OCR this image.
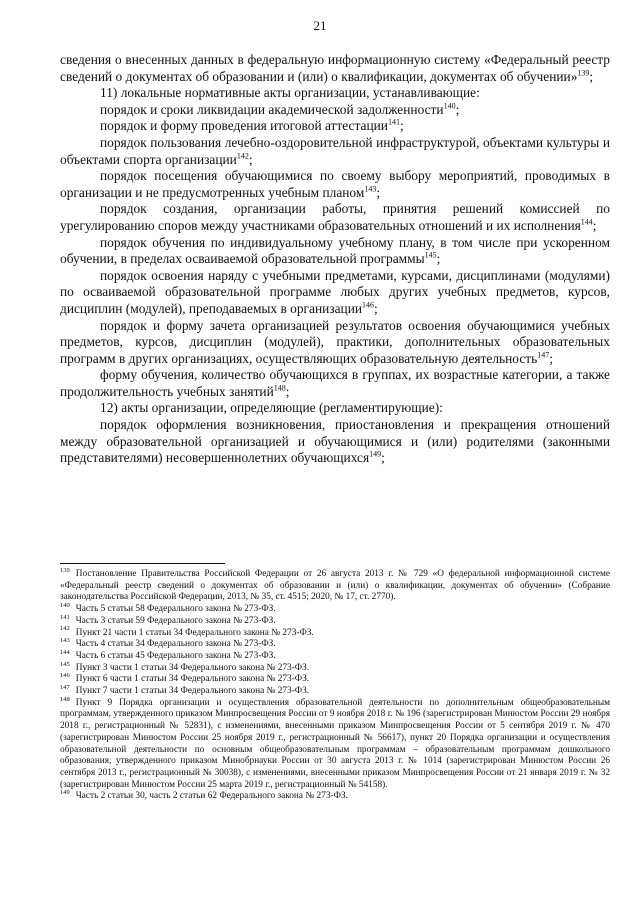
21

сведения о внесенных данных в федеральную информационную систему «Федеральный реестр сведений о документах об образовании и (или) о квалификации, документах об обучении»$^{139}$;

11) локальные нормативные акты организации, устанавливающие:

порядок и сроки ликвидации академической задолженности$^{140}$;

порядок и форму проведения итоговой аттестации$^{141}$;

порядок пользования лечебно-оздоровительной инфраструктурой, объектами культуры и объектами спорта организации$^{142}$;

порядок посещения обучающимися по своему выбору мероприятий, проводимых в организации и не предусмотренных учебным планом$^{143}$;

порядок создания, организации работы, принятия решений комиссией по урегулированию споров между участниками образовательных отношений и их исполнения$^{144}$;

порядок обучения по индивидуальному учебному плану, в том числе при ускоренном обучении, в пределах осваиваемой образовательной программы$^{145}$;

порядок освоения наряду с учебными предметами, курсами, дисциплинами (модулями) по осваиваемой образовательной программе любых других учебных предметов, курсов, дисциплин (модулей), преподаваемых в организации$^{146}$;

порядок и форму зачета организацией результатов освоения обучающимися учебных предметов, курсов, дисциплин (модулей), практики, дополнительных образовательных программ в других организациях, осуществляющих образовательную деятельность$^{147}$;

форму обучения, количество обучающихся в группах, их возрастные категории, а также продолжительность учебных занятий$^{148}$;

12) акты организации, определяющие (регламентирующие):

порядок оформления возникновения, приостановления и прекращения отношений между образовательной организацией и обучающимися и (или) родителями (законными представителями) несовершеннолетних обучающихся$^{149}$;

$^{139}$ Постановление Правительства Российской Федерации от 26 августа 2013 г. № 729 «О федеральной информационной системе «Федеральный реестр сведений о документах об образовании и (или) о квалификации, документах об обучении» (Собрание законодательства Российской Федерации, 2013, № 35, ст. 4515; 2020, № 17, ст. 2770).

$^{140}$ Часть 5 статьи 58 Федерального закона № 273-ФЗ.

$^{141}$ Часть 3 статьи 59 Федерального закона № 273-ФЗ.

$^{142}$ Пункт 21 части 1 статьи 34 Федерального закона № 273-ФЗ.

$^{143}$ Часть 4 статьи 34 Федерального закона № 273-ФЗ.

$^{144}$ Часть 6 статьи 45 Федерального закона № 273-ФЗ.

$^{145}$ Пункт 3 части 1 статьи 34 Федерального закона № 273-ФЗ.

$^{146}$ Пункт 6 части 1 статьи 34 Федерального закона № 273-ФЗ.

$^{147}$ Пункт 7 части 1 статьи 34 Федерального закона № 273-ФЗ.

$^{148}$ Пункт 9 Порядка организации и осуществления образовательной деятельности по дополнительным общеобразовательным программам, утвержденного приказом Минпросвещения России от 9 ноября 2018 г. № 196 (зарегистрирован Минюстом России 29 ноября 2018 г., регистрационный № 52831), с изменениями, внесенными приказом Минпросвещения России от 5 сентября 2019 г. № 470 (зарегистрирован Минюстом России 25 ноября 2019 г., регистрационный № 56617), пункт 20 Порядка организации и осуществления образовательной деятельности по основным общеобразовательным программам – образовательным программам дошкольного образования, утвержденного приказом Минобрнауки России от 30 августа 2013 г. № 1014 (зарегистрирован Минюстом России 26 сентября 2013 г., регистрационный № 30038), с изменениями, внесенными приказом Минпросвещения России от 21 января 2019 г. № 32 (зарегистрирован Минюстом России 25 марта 2019 г., регистрационный № 54158).

$^{149}$ Часть 2 статьи 30, часть 2 статьи 62 Федерального закона № 273-ФЗ.
